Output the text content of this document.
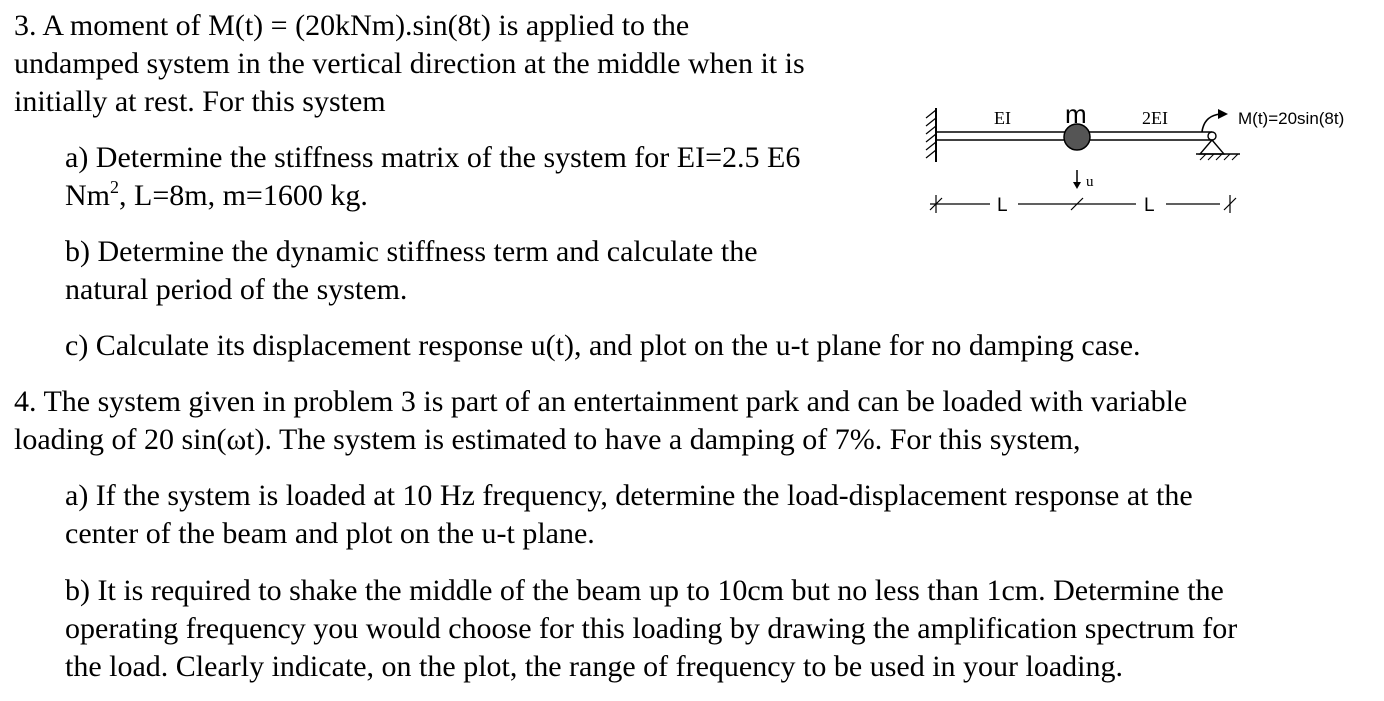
3. A moment of M(t) = (20kNm).sin(8t) is applied to the
undamped system in the vertical direction at the middle when it is
initially at rest. For this system
a) Determine the stiffness matrix of the system for EI=2.5 E6
Nm$^2$, L=8m, m=1600 kg.
b) Determine the dynamic stiffness term and calculate the
natural period of the system.
c) Calculate its displacement response u(t), and plot on the u-t plane for no damping case.
4. The system given in problem 3 is part of an entertainment park and can be loaded with variable
loading of 20 sin(ωt). The system is estimated to have a damping of 7%. For this system,
a) If the system is loaded at 10 Hz frequency, determine the load-displacement response at the
center of the beam and plot on the u-t plane.
b) It is required to shake the middle of the beam up to 10cm but no less than 1cm. Determine the
operating frequency you would choose for this loading by drawing the amplification spectrum for
the load. Clearly indicate, on the plot, the range of frequency to be used in your loading.
EI m	2EI
u
M(t)=20sin(8t)
L	L
